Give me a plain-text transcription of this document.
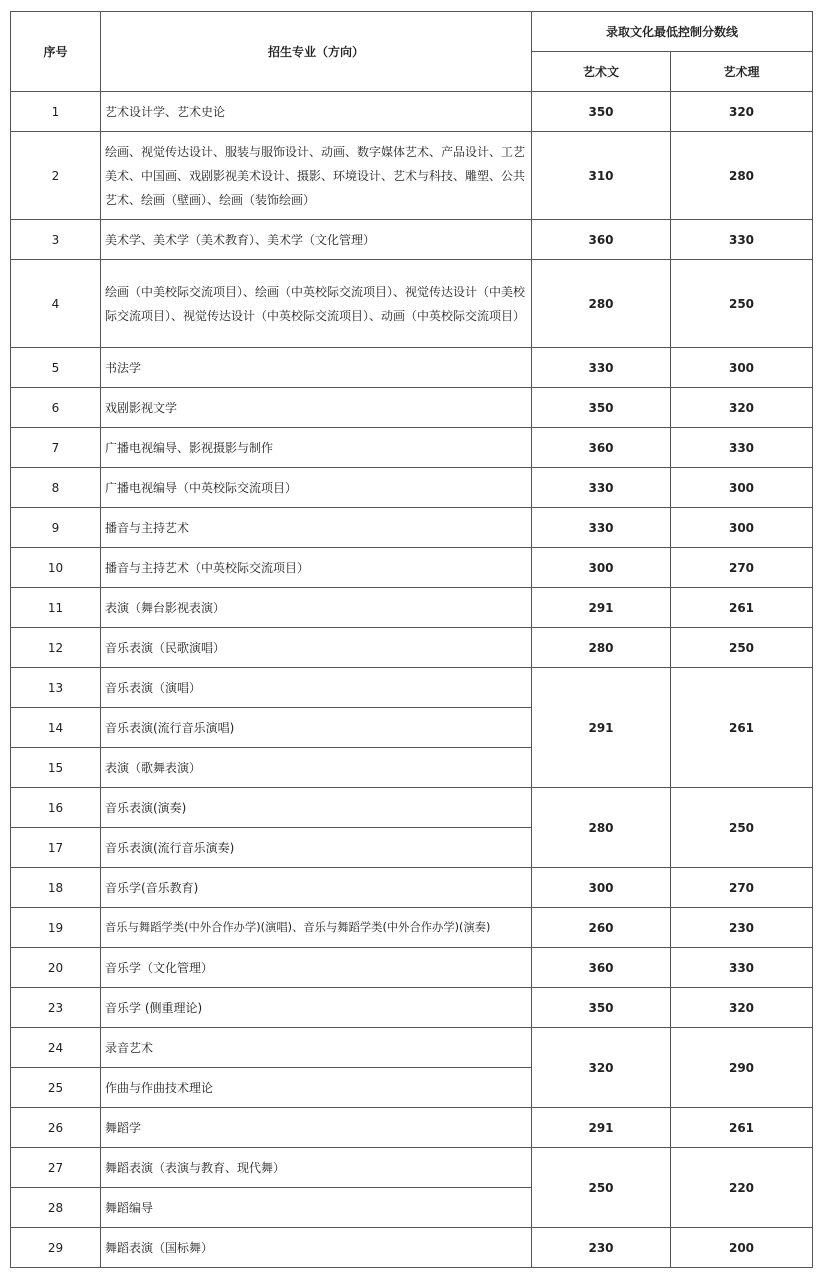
序号	招生专业（方向）	录取文化最低控制分数线	
		艺术文	艺术理
1	艺术设计学、艺术史论	350	320
2	绘画、视觉传达设计、服装与服饰设计、动画、数字媒体艺术、产品设计、工艺美术、中国画、戏剧影视美术设计、摄影、环境设计、艺术与科技、雕塑、公共艺术、绘画（壁画）、绘画（装饰绘画）	310	280
3	美术学、美术学（美术教育）、美术学（文化管理）	360	330
4	绘画（中美校际交流项目）、绘画（中英校际交流项目）、视觉传达设计（中美校际交流项目）、视觉传达设计（中英校际交流项目）、动画（中英校际交流项目）	280	250
5	书法学	330	300
6	戏剧影视文学	350	320
7	广播电视编导、影视摄影与制作	360	330
8	广播电视编导（中英校际交流项目）	330	300
9	播音与主持艺术	330	300
10	播音与主持艺术（中英校际交流项目）	300	270
11	表演（舞台影视表演）	291	261
12	音乐表演（民歌演唱）	280	250
13	音乐表演（演唱）	291	261
14	音乐表演(流行音乐演唱)		
15	表演（歌舞表演）		
16	音乐表演(演奏)	280	250
17	音乐表演(流行音乐演奏)		
18	音乐学(音乐教育)	300	270
19	音乐与舞蹈学类(中外合作办学)(演唱)、音乐与舞蹈学类(中外合作办学)(演奏)	260	230
20	音乐学（文化管理）	360	330
23	音乐学 (侧重理论)	350	320
24	录音艺术	320	290
25	作曲与作曲技术理论		
26	舞蹈学	291	261
27	舞蹈表演（表演与教育、现代舞）	250	220
28	舞蹈编导		
29	舞蹈表演（国标舞）	230	200
